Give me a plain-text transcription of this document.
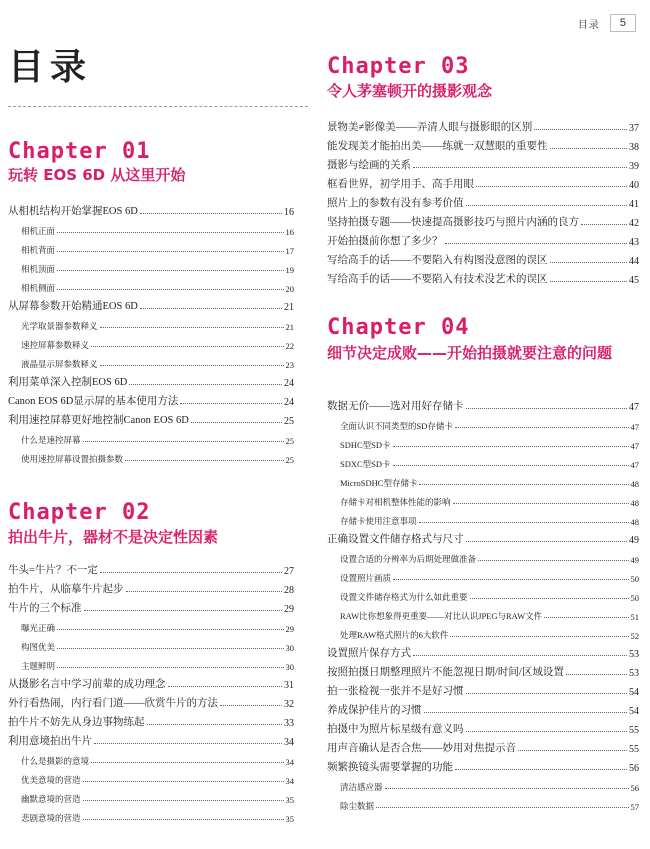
目录	5
目录
Chapter 01
玩转 EOS 6D 从这里开始
从相机结构开始掌握EOS 6D	16
相机正面	16
相机背面	17
相机顶面	19
相机侧面	20
从屏幕参数开始精通EOS 6D	21
光学取景器参数释义	21
速控屏幕参数释义	22
液晶显示屏参数释义	23
利用菜单深入控制EOS 6D	24
Canon EOS 6D显示屏的基本使用方法	24
利用速控屏幕更好地控制Canon EOS 6D	25
什么是速控屏幕	25
使用速控屏幕设置拍摄参数	25
Chapter 02
拍出牛片，器材不是决定性因素
牛头=牛片？不一定	27
拍牛片，从临摹牛片起步	28
牛片的三个标准	29
曝光正确	29
构图优美	30
主题鲜明	30
从摄影名言中学习前辈的成功理念	31
外行看热闹，内行看门道——欣赏牛片的方法	32
拍牛片不妨先从身边事物练起	33
利用意境拍出牛片	34
什么是摄影的意境	34
优美意境的营造	34
幽默意境的营造	35
悲剧意境的营造	35
Chapter 03
令人茅塞顿开的摄影观念
景物美≠影像美——弄清人眼与摄影眼的区别	37
能发现美才能拍出美——练就一双慧眼的重要性	38
摄影与绘画的关系	39
框看世界，初学用手、高手用眼	40
照片上的参数有没有参考价值	41
坚持拍摄专题——快速提高摄影技巧与照片内涵的良方	42
开始拍摄前你想了多少？	43
写给高手的话——不要陷入有构图没意图的误区	44
写给高手的话——不要陷入有技术没艺术的误区	45
Chapter 04
细节决定成败——开始拍摄就要注意的问题
数据无价——选对用好存储卡	47
全面认识不同类型的SD存储卡	47
SDHC型SD卡	47
SDXC型SD卡	47
MicroSDHC型存储卡	48
存储卡对相机整体性能的影响	48
存储卡使用注意事项	48
正确设置文件储存格式与尺寸	49
设置合适的分辨率为后期处理做准备	49
设置照片画质	50
设置文件储存格式为什么如此重要	50
RAW比你想象得更重要——对比认识JPEG与RAW文件	51
处理RAW格式照片的6大软件	52
设置照片保存方式	53
按照拍摄日期整理照片不能忽视日期/时间/区域设置	53
拍一张检视一张并不是好习惯	54
养成保护佳片的习惯	54
拍摄中为照片标星级有意义吗	55
用声音确认是否合焦——妙用对焦提示音	55
频繁换镜头需要掌握的功能	56
清洁感应器	56
除尘数据	57
